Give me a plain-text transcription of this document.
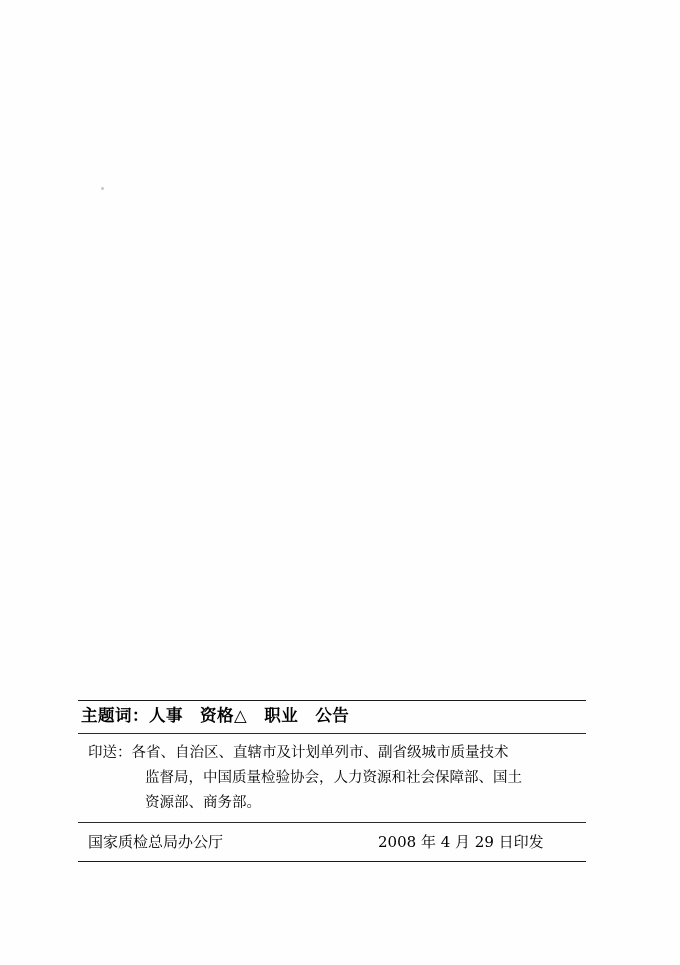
主题词：人事　资格△　职业　公告
印送：各省、自治区、直辖市及计划单列市、副省级城市质量技术
监督局，中国质量检验协会，人力资源和社会保障部、国土
资源部、商务部。
国家质检总局办公厅	2008 年 4 月 29 日印发
